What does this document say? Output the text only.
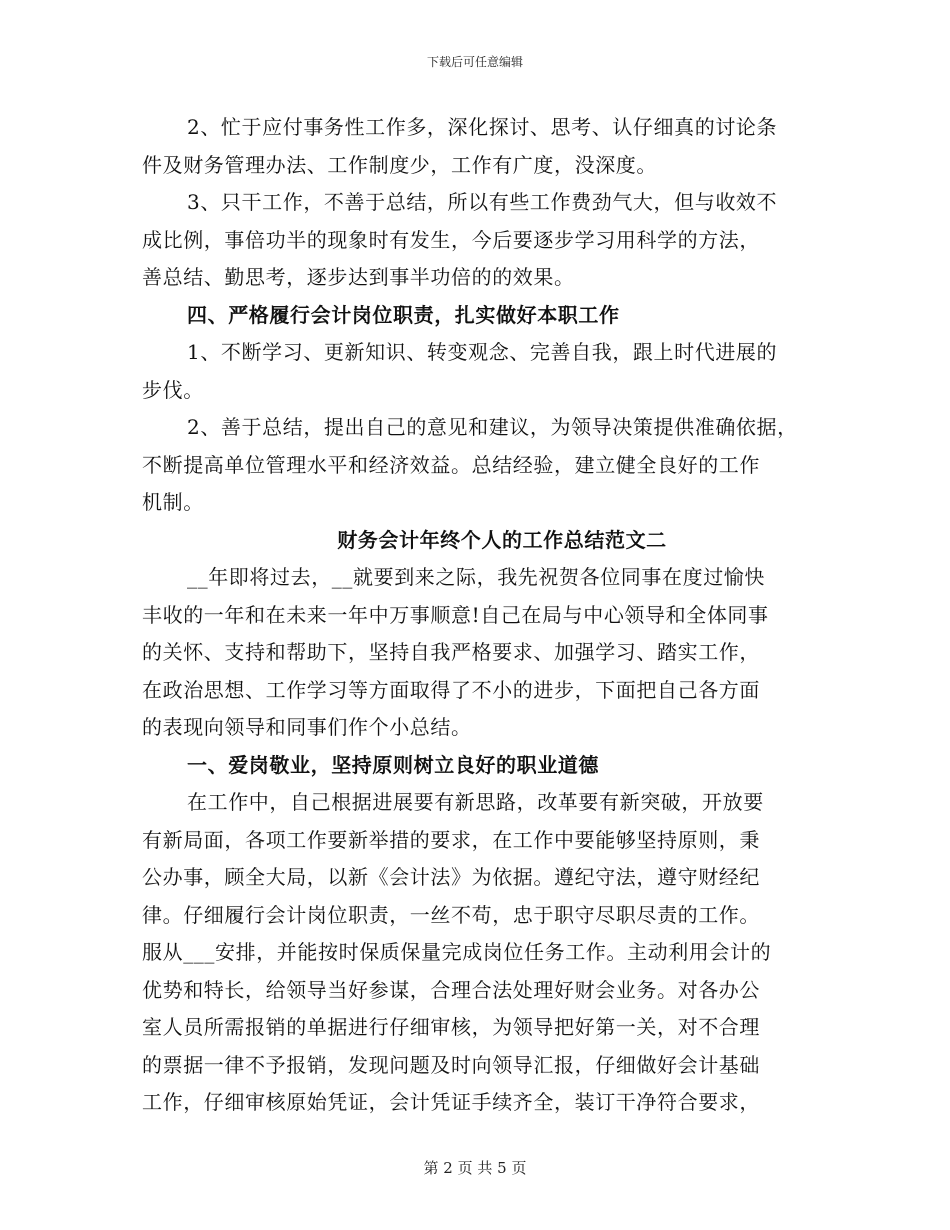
下载后可任意编辑
2、忙于应付事务性工作多，深化探讨、思考、认仔细真的讨论条
件及财务管理办法、工作制度少，工作有广度，没深度。
3、只干工作，不善于总结，所以有些工作费劲气大，但与收效不
成比例，事倍功半的现象时有发生，今后要逐步学习用科学的方法，
善总结、勤思考，逐步达到事半功倍的的效果。
四、严格履行会计岗位职责，扎实做好本职工作
1、不断学习、更新知识、转变观念、完善自我，跟上时代进展的
步伐。
2、善于总结，提出自己的意见和建议，为领导决策提供准确依据，
不断提高单位管理水平和经济效益。总结经验，建立健全良好的工作
机制。
财务会计年终个人的工作总结范文二
__年即将过去，__就要到来之际，我先祝贺各位同事在度过愉快
丰收的一年和在未来一年中万事顺意!自己在局与中心领导和全体同事
的关怀、支持和帮助下，坚持自我严格要求、加强学习、踏实工作，
在政治思想、工作学习等方面取得了不小的进步，下面把自己各方面
的表现向领导和同事们作个小总结。
一、爱岗敬业，坚持原则树立良好的职业道德
在工作中，自己根据进展要有新思路，改革要有新突破，开放要
有新局面，各项工作要新举措的要求，在工作中要能够坚持原则，秉
公办事，顾全大局，以新《会计法》为依据。遵纪守法，遵守财经纪
律。仔细履行会计岗位职责，一丝不苟，忠于职守尽职尽责的工作。
服从___安排，并能按时保质保量完成岗位任务工作。主动利用会计的
优势和特长，给领导当好参谋，合理合法处理好财会业务。对各办公
室人员所需报销的单据进行仔细审核，为领导把好第一关，对不合理
的票据一律不予报销，发现问题及时向领导汇报，仔细做好会计基础
工作，仔细审核原始凭证，会计凭证手续齐全，装订干净符合要求，
第 2 页 共 5 页
